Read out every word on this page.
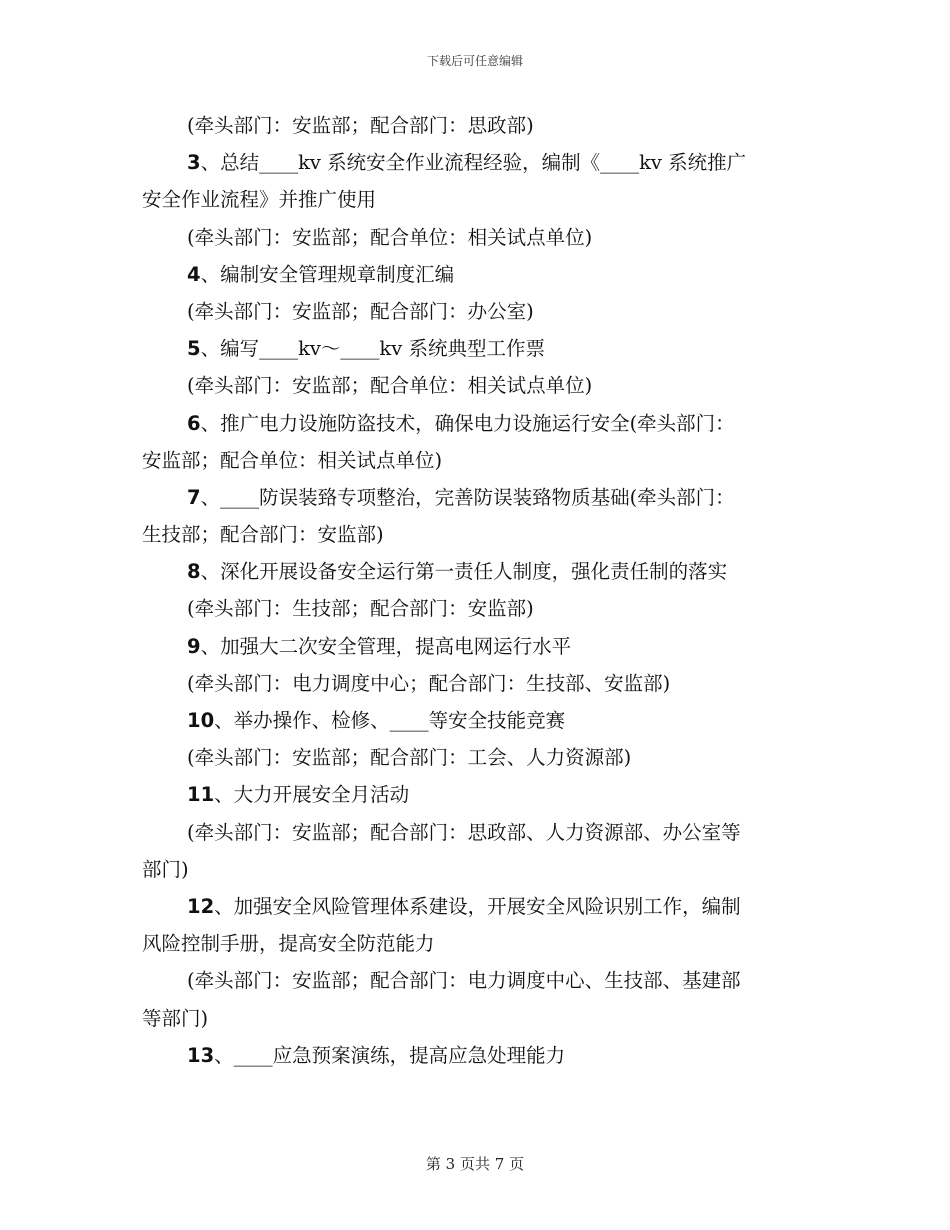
下载后可任意编辑
(牵头部门：安监部；配合部门：思政部)
3、总结____kv 系统安全作业流程经验，编制《____kv 系统推广
安全作业流程》并推广使用
(牵头部门：安监部；配合单位：相关试点单位)
4、编制安全管理规章制度汇编
(牵头部门：安监部；配合部门：办公室)
5、编写____kv～____kv 系统典型工作票
(牵头部门：安监部；配合单位：相关试点单位)
6、推广电力设施防盗技术，确保电力设施运行安全(牵头部门：
安监部；配合单位：相关试点单位)
7、____防误装臵专项整治，完善防误装臵物质基础(牵头部门：
生技部；配合部门：安监部)
8、深化开展设备安全运行第一责任人制度，强化责任制的落实
(牵头部门：生技部；配合部门：安监部)
9、加强大二次安全管理，提高电网运行水平
(牵头部门：电力调度中心；配合部门：生技部、安监部)
10、举办操作、检修、____等安全技能竞赛
(牵头部门：安监部；配合部门：工会、人力资源部)
11、大力开展安全月活动
(牵头部门：安监部；配合部门：思政部、人力资源部、办公室等
部门)
12、加强安全风险管理体系建设，开展安全风险识别工作，编制
风险控制手册，提高安全防范能力
(牵头部门：安监部；配合部门：电力调度中心、生技部、基建部
等部门)
13、____应急预案演练，提高应急处理能力
第 3 页共 7 页
